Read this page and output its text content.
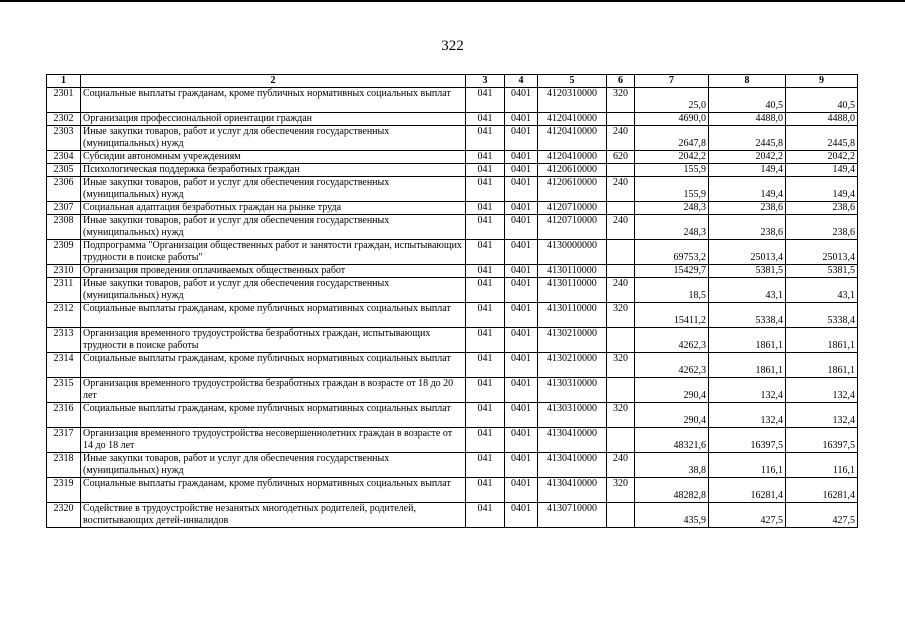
322
1	2	3	4	5	6	7	8	9
2301	Социальные выплаты гражданам, кроме публичных нормативных социальных выплат	041	0401	4120310000	320	25,0	40,5	40,5
2302	Организация профессиональной ориентации граждан	041	0401	4120410000		4690,0	4488,0	4488,0
2303	Иные закупки товаров, работ и услуг для обеспечения государственных (муниципальных) нужд	041	0401	4120410000	240	2647,8	2445,8	2445,8
2304	Субсидии автономным учреждениям	041	0401	4120410000	620	2042,2	2042,2	2042,2
2305	Психологическая поддержка безработных граждан	041	0401	4120610000		155,9	149,4	149,4
2306	Иные закупки товаров, работ и услуг для обеспечения государственных (муниципальных) нужд	041	0401	4120610000	240	155,9	149,4	149,4
2307	Социальная адаптация безработных граждан на рынке труда	041	0401	4120710000		248,3	238,6	238,6
2308	Иные закупки товаров, работ и услуг для обеспечения государственных (муниципальных) нужд	041	0401	4120710000	240	248,3	238,6	238,6
2309	Подпрограмма "Организация общественных работ и занятости граждан, испытывающих трудности в поиске работы"	041	0401	4130000000		69753,2	25013,4	25013,4
2310	Организация проведения оплачиваемых общественных работ	041	0401	4130110000		15429,7	5381,5	5381,5
2311	Иные закупки товаров, работ и услуг для обеспечения государственных (муниципальных) нужд	041	0401	4130110000	240	18,5	43,1	43,1
2312	Социальные выплаты гражданам, кроме публичных нормативных социальных выплат	041	0401	4130110000	320	15411,2	5338,4	5338,4
2313	Организация временного трудоустройства безработных граждан, испытывающих трудности в поиске работы	041	0401	4130210000		4262,3	1861,1	1861,1
2314	Социальные выплаты гражданам, кроме публичных нормативных социальных выплат	041	0401	4130210000	320	4262,3	1861,1	1861,1
2315	Организация временного трудоустройства безработных граждан в возрасте от 18 до 20 лет	041	0401	4130310000		290,4	132,4	132,4
2316	Социальные выплаты гражданам, кроме публичных нормативных социальных выплат	041	0401	4130310000	320	290,4	132,4	132,4
2317	Организация временного трудоустройства несовершеннолетних граждан в возрасте от 14 до 18 лет	041	0401	4130410000		48321,6	16397,5	16397,5
2318	Иные закупки товаров, работ и услуг для обеспечения государственных (муниципальных) нужд	041	0401	4130410000	240	38,8	116,1	116,1
2319	Социальные выплаты гражданам, кроме публичных нормативных социальных выплат	041	0401	4130410000	320	48282,8	16281,4	16281,4
2320	Содействие в трудоустройстве незанятых многодетных родителей, родителей, воспитывающих детей-инвалидов	041	0401	4130710000		435,9	427,5	427,5
